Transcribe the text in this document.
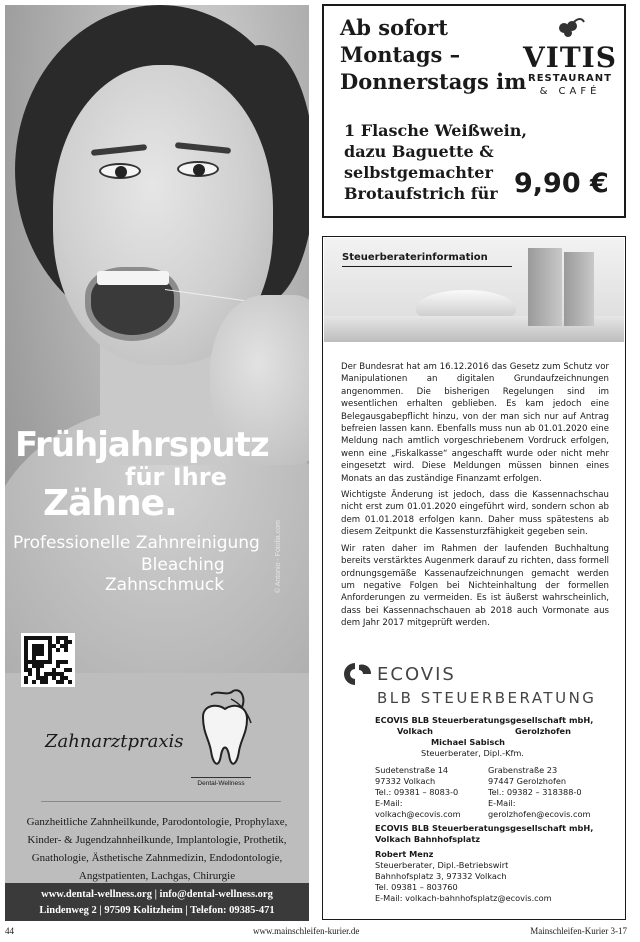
Frühjahrsputz
für Ihre
Zähne.
Professionelle Zahnreinigung
Bleaching
Zahnschmuck	© Antonio - Fotolia.com
Zahnarztpraxis
Dental-Wellness
Ganzheitliche Zahnheilkunde, Parodontologie, Prophylaxe,
Kinder- & Jugendzahnheilkunde, Implantologie, Prothetik,
Gnathologie, Ästhetische Zahnmedizin, Endodontologie,
Angstpatienten, Lachgas, Chirurgie
www.dental-wellness.org | info@dental-wellness.org
Lindenweg 2 | 97509 Kolitzheim | Telefon: 09385-471
Ab sofort
Montags –
Donnerstags im
VITIS
RESTAURANT
& CAFÉ
1 Flasche Weißwein,
dazu Baguette &
selbstgemachter
Brotaufstrich für 9,90 €
Steuerberaterinformation

Der Bundesrat hat am 16.12.2016 das Gesetz zum Schutz vor Manipulationen an digitalen Grundaufzeichnungen angenommen. Die bisherigen Regelungen sind im wesentlichen erhalten geblieben. Es kam jedoch eine Belegausgabepflicht hinzu, von der man sich nur auf Antrag befreien lassen kann. Ebenfalls muss nun ab 01.01.2020 eine Meldung nach amtlich vorgeschriebenem Vordruck erfolgen, wenn eine „Fiskalkasse“ angeschafft wurde oder nicht mehr eingesetzt wird. Diese Meldungen müssen binnen eines Monats an das zuständige Finanzamt erfolgen.

Wichtigste Änderung ist jedoch, dass die Kassennachschau nicht erst zum 01.01.2020 eingeführt wird, sondern schon ab dem 01.01.2018 erfolgen kann. Daher muss spätestens ab diesem Zeitpunkt die Kassensturzfähigkeit gegeben sein.

Wir raten daher im Rahmen der laufenden Buchhaltung bereits verstärktes Augenmerk darauf zu richten, dass formell ordnungsgemäße Kassenaufzeichnungen gemacht werden um negative Folgen bei Nichteinhaltung der formellen Anforderungen zu vermeiden. Es ist äußerst wahrscheinlich, dass bei Kassennachschauen ab 2018 auch Vormonate aus dem Jahr 2017 mitgeprüft werden.

ECOVIS
BLB STEUERBERATUNG
ECOVIS BLB Steuerberatungsgesellschaft mbH,
Volkach	Gerolzhofen
Michael Sabisch
Steuerberater, Dipl.-Kfm.
Sudetenstraße 14
97332 Volkach
Tel.: 09381 – 8083-0
E-Mail: volkach@ecovis.com
Grabenstraße 23
97447 Gerolzhofen
Tel.: 09382 – 318388-0
E-Mail: gerolzhofen@ecovis.com
ECOVIS BLB Steuerberatungsgesellschaft mbH,
Volkach Bahnhofsplatz
Robert Menz
Steuerberater, Dipl.-Betriebswirt
Bahnhofsplatz 3, 97332 Volkach
Tel. 09381 – 803760
E-Mail: volkach-bahnhofsplatz@ecovis.com
44	www.mainschleifen-kurier.de	Mainschleifen-Kurier 3-17
